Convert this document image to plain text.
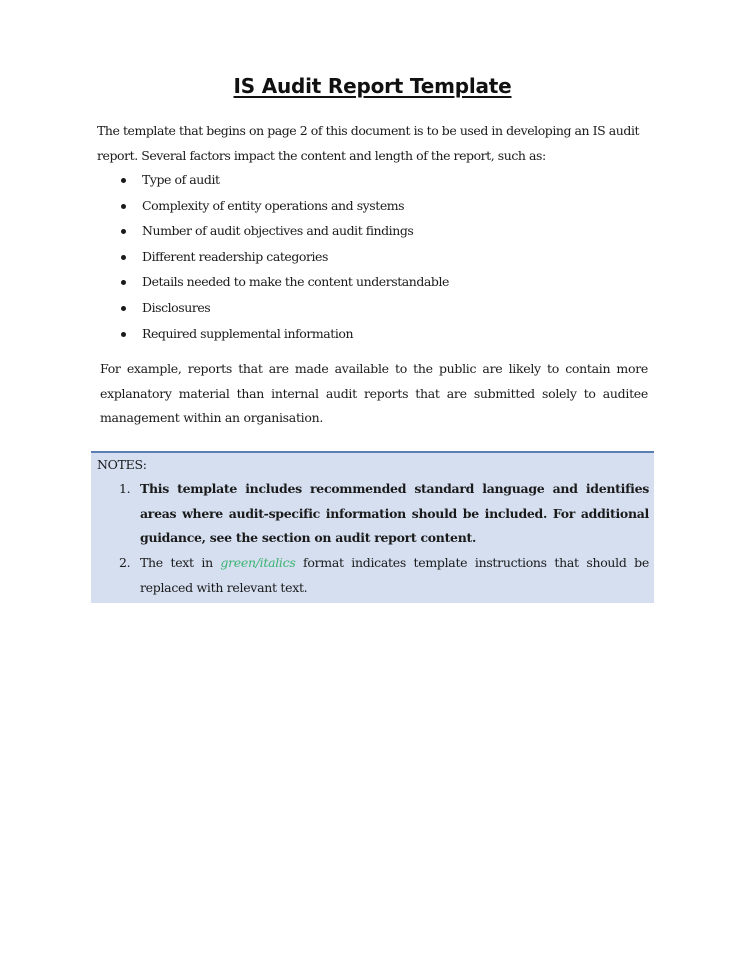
IS Audit Report Template

The template that begins on page 2 of this document is to be used in developing an IS audit report. Several factors impact the content and length of the report, such as:

Type of audit
Complexity of entity operations and systems
Number of audit objectives and audit findings
Different readership categories
Details needed to make the content understandable
Disclosures
Required supplemental information

For example, reports that are made available to the public are likely to contain more explanatory material than internal audit reports that are submitted solely to auditee management within an organisation.

NOTES:
1. This template includes recommended standard language and identifies areas where audit-specific information should be included. For additional guidance, see the section on audit report content.
2. The text in green/italics format indicates template instructions that should be replaced with relevant text.
